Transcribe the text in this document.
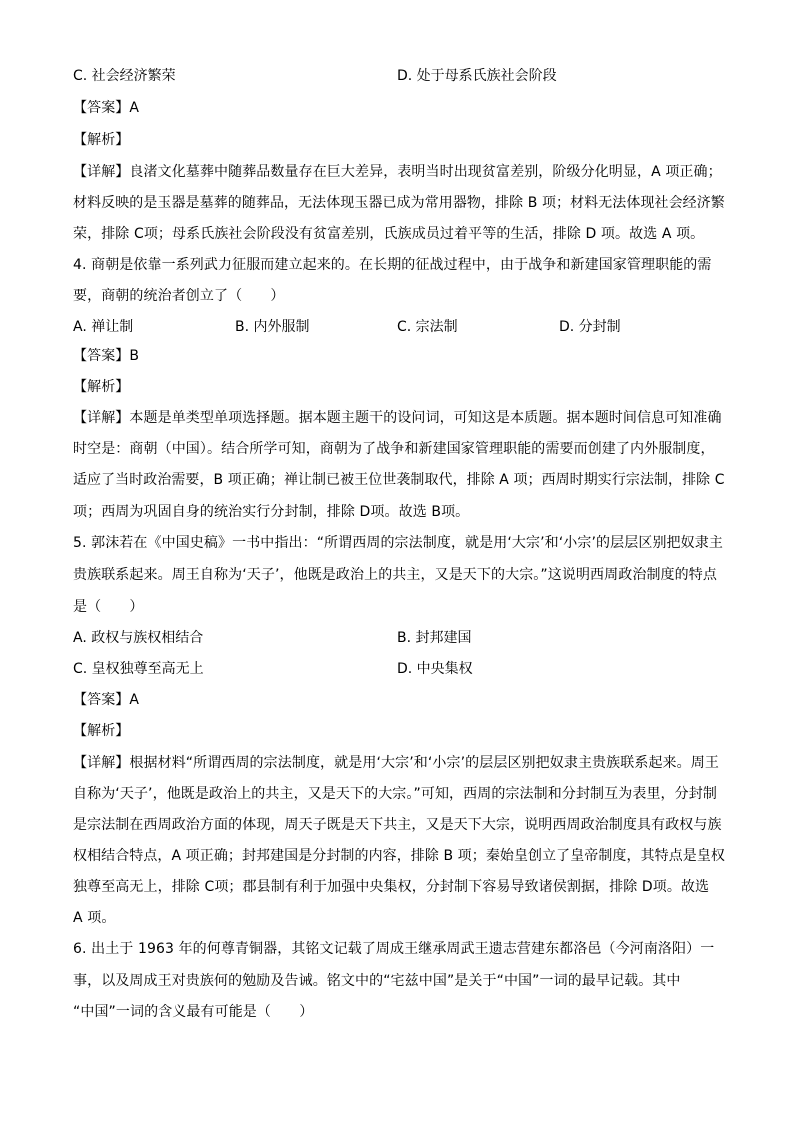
C. 社会经济繁荣	D. 处于母系氏族社会阶段
【答案】A
【解析】
【详解】良渚文化墓葬中随葬品数量存在巨大差异，表明当时出现贫富差别，阶级分化明显，A 项正确；
材料反映的是玉器是墓葬的随葬品，无法体现玉器已成为常用器物，排除 B 项；材料无法体现社会经济繁
荣，排除 C项；母系氏族社会阶段没有贫富差别，氏族成员过着平等的生活，排除 D 项。故选 A 项。
4. 商朝是依靠一系列武力征服而建立起来的。在长期的征战过程中，由于战争和新建国家管理职能的需
要，商朝的统治者创立了（　　）
A. 禅让制	B. 内外服制	C. 宗法制	D. 分封制
【答案】B
【解析】
【详解】本题是单类型单项选择题。据本题主题干的设问词，可知这是本质题。据本题时间信息可知准确
时空是：商朝（中国）。结合所学可知，商朝为了战争和新建国家管理职能的需要而创建了内外服制度，
适应了当时政治需要，B 项正确；禅让制已被王位世袭制取代，排除 A 项；西周时期实行宗法制，排除 C
项；西周为巩固自身的统治实行分封制，排除 D项。故选 B项。
5. 郭沫若在《中国史稿》一书中指出：“所谓西周的宗法制度，就是用‘大宗’和‘小宗’的层层区别把奴隶主
贵族联系起来。周王自称为‘天子’，他既是政治上的共主，又是天下的大宗。”这说明西周政治制度的特点
是（　　）
A. 政权与族权相结合	B. 封邦建国
C. 皇权独尊至高无上	D. 中央集权
【答案】A
【解析】
【详解】根据材料“所谓西周的宗法制度，就是用‘大宗’和‘小宗’的层层区别把奴隶主贵族联系起来。周王
自称为‘天子’，他既是政治上的共主，又是天下的大宗。”可知，西周的宗法制和分封制互为表里，分封制
是宗法制在西周政治方面的体现，周天子既是天下共主，又是天下大宗，说明西周政治制度具有政权与族
权相结合特点，A 项正确；封邦建国是分封制的内容，排除 B 项；秦始皇创立了皇帝制度，其特点是皇权
独尊至高无上，排除 C项；郡县制有利于加强中央集权，分封制下容易导致诸侯割据，排除 D项。故选
A 项。
6. 出土于 1963 年的何尊青铜器，其铭文记载了周成王继承周武王遗志营建东都洛邑（今河南洛阳）一
事，以及周成王对贵族何的勉励及告诫。铭文中的“宅兹中国”是关于“中国”一词的最早记载。其中
“中国”一词的含义最有可能是（　　）
